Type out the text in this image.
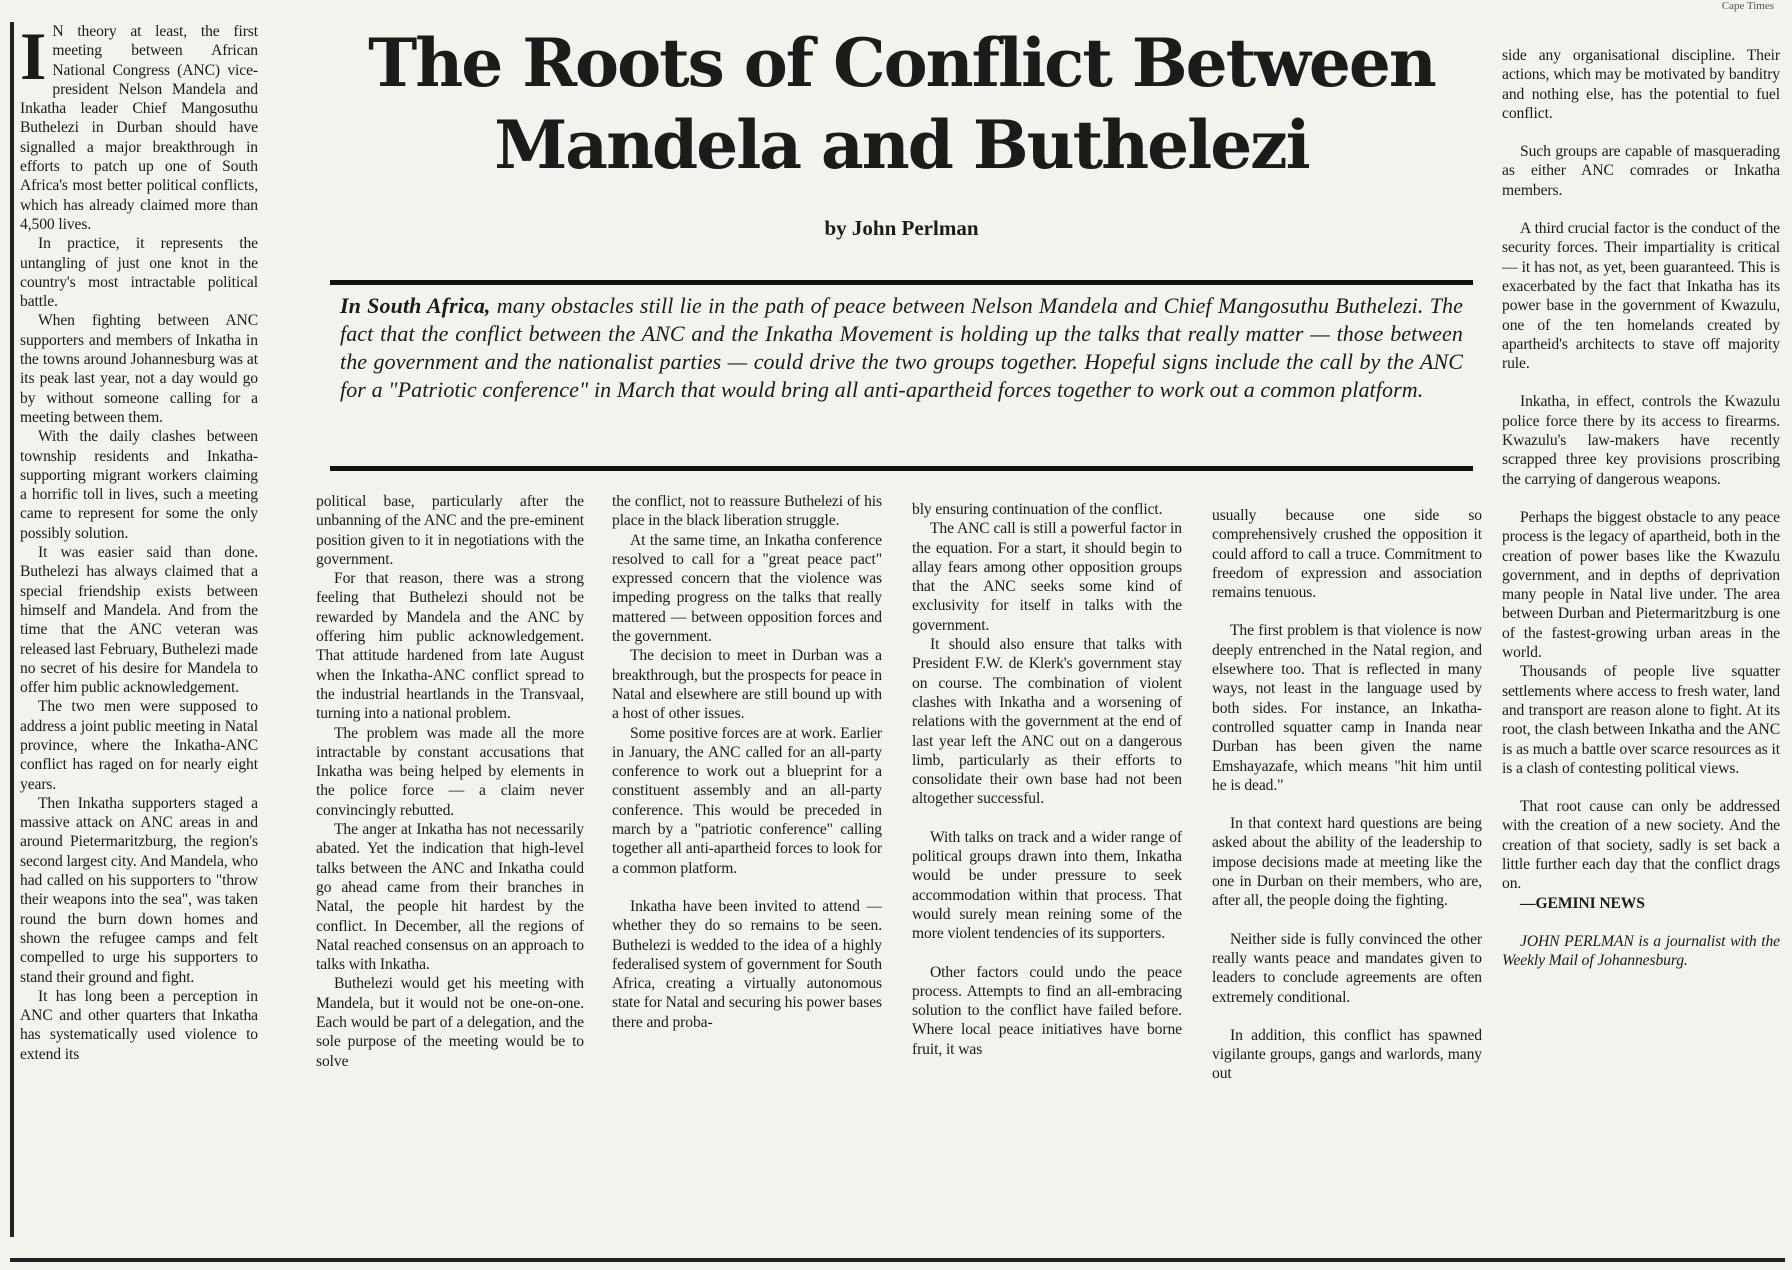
Cape Times

I N theory at least, the first meeting between African National Congress (ANC) vice-president Nelson Mandela and Inkatha leader Chief Mangosuthu Buthelezi in Durban should have signalled a major breakthrough in efforts to patch up one of South Africa's most better political conflicts, which has already claimed more than 4,500 lives.

In practice, it represents the untangling of just one knot in the country's most intractable political battle.

When fighting between ANC supporters and members of Inkatha in the towns around Johannesburg was at its peak last year, not a day would go by without someone calling for a meeting between them.

With the daily clashes between township residents and Inkatha-supporting migrant workers claiming a horrific toll in lives, such a meeting came to represent for some the only possibly solution.

It was easier said than done. Buthelezi has always claimed that a special friendship exists between himself and Mandela. And from the time that the ANC veteran was released last February, Buthelezi made no secret of his desire for Mandela to offer him public acknowledgement.

The two men were supposed to address a joint public meeting in Natal province, where the Inkatha-ANC conflict has raged on for nearly eight years.

Then Inkatha supporters staged a massive attack on ANC areas in and around Pietermaritzburg, the region's second largest city. And Mandela, who had called on his supporters to "throw their weapons into the sea", was taken round the burn down homes and shown the refugee camps and felt compelled to urge his supporters to stand their ground and fight.

It has long been a perception in ANC and other quarters that Inkatha has systematically used violence to extend its

The Roots of Conflict Between Mandela and Buthelezi

by John Perlman

In South Africa, many obstacles still lie in the path of peace between Nelson Mandela and Chief Mangosuthu Buthelezi. The fact that the conflict between the ANC and the Inkatha Movement is holding up the talks that really matter — those between the government and the nationalist parties — could drive the two groups together. Hopeful signs include the call by the ANC for a "Patriotic conference" in March that would bring all anti-apartheid forces together to work out a common platform.

political base, particularly after the unbanning of the ANC and the pre-eminent position given to it in negotiations with the government.

For that reason, there was a strong feeling that Buthelezi should not be rewarded by Mandela and the ANC by offering him public acknowledgement. That attitude hardened from late August when the Inkatha-ANC conflict spread to the industrial heartlands in the Transvaal, turning into a national problem.

The problem was made all the more intractable by constant accusations that Inkatha was being helped by elements in the police force — a claim never convincingly rebutted.

The anger at Inkatha has not necessarily abated. Yet the indication that high-level talks between the ANC and Inkatha could go ahead came from their branches in Natal, the people hit hardest by the conflict. In December, all the regions of Natal reached consensus on an approach to talks with Inkatha.

Buthelezi would get his meeting with Mandela, but it would not be one-on-one. Each would be part of a delegation, and the sole purpose of the meeting would be to solve

the conflict, not to reassure Buthelezi of his place in the black liberation struggle.

At the same time, an Inkatha conference resolved to call for a "great peace pact" expressed concern that the violence was impeding progress on the talks that really mattered — between opposition forces and the government.

The decision to meet in Durban was a breakthrough, but the prospects for peace in Natal and elsewhere are still bound up with a host of other issues.

Some positive forces are at work. Earlier in January, the ANC called for an all-party conference to work out a blueprint for a constituent assembly and an all-party conference. This would be preceded in march by a "patriotic conference" calling together all anti-apartheid forces to look for a common platform.

Inkatha have been invited to attend — whether they do so remains to be seen. Buthelezi is wedded to the idea of a highly federalised system of government for South Africa, creating a virtually autonomous state for Natal and securing his power bases there and proba-

bly ensuring continuation of the conflict.

The ANC call is still a powerful factor in the equation. For a start, it should begin to allay fears among other opposition groups that the ANC seeks some kind of exclusivity for itself in talks with the government.

It should also ensure that talks with President F.W. de Klerk's government stay on course. The combination of violent clashes with Inkatha and a worsening of relations with the government at the end of last year left the ANC out on a dangerous limb, particularly as their efforts to consolidate their own base had not been altogether successful.

With talks on track and a wider range of political groups drawn into them, Inkatha would be under pressure to seek accommodation within that process. That would surely mean reining some of the more violent tendencies of its supporters.

Other factors could undo the peace process. Attempts to find an all-embracing solution to the conflict have failed before. Where local peace initiatives have borne fruit, it was

usually because one side so comprehensively crushed the opposition it could afford to call a truce. Commitment to freedom of expression and association remains tenuous.

The first problem is that violence is now deeply entrenched in the Natal region, and elsewhere too. That is reflected in many ways, not least in the language used by both sides. For instance, an Inkatha-controlled squatter camp in Inanda near Durban has been given the name Emshayazafe, which means "hit him until he is dead."

In that context hard questions are being asked about the ability of the leadership to impose decisions made at meeting like the one in Durban on their members, who are, after all, the people doing the fighting.

Neither side is fully convinced the other really wants peace and mandates given to leaders to conclude agreements are often extremely conditional.

In addition, this conflict has spawned vigilante groups, gangs and warlords, many out

side any organisational discipline. Their actions, which may be motivated by banditry and nothing else, has the potential to fuel conflict.

Such groups are capable of masquerading as either ANC comrades or Inkatha members.

A third crucial factor is the conduct of the security forces. Their impartiality is critical — it has not, as yet, been guaranteed. This is exacerbated by the fact that Inkatha has its power base in the government of Kwazulu, one of the ten homelands created by apartheid's architects to stave off majority rule.

Inkatha, in effect, controls the Kwazulu police force there by its access to firearms. Kwazulu's law-makers have recently scrapped three key provisions proscribing the carrying of dangerous weapons.

Perhaps the biggest obstacle to any peace process is the legacy of apartheid, both in the creation of power bases like the Kwazulu government, and in depths of deprivation many people in Natal live under. The area between Durban and Pietermaritzburg is one of the fastest-growing urban areas in the world.

Thousands of people live squatter settlements where access to fresh water, land and transport are reason alone to fight. At its root, the clash between Inkatha and the ANC is as much a battle over scarce resources as it is a clash of contesting political views.

That root cause can only be addressed with the creation of a new society. And the creation of that society, sadly is set back a little further each day that the conflict drags on.

—GEMINI NEWS

JOHN PERLMAN is a journalist with the Weekly Mail of Johannesburg.
